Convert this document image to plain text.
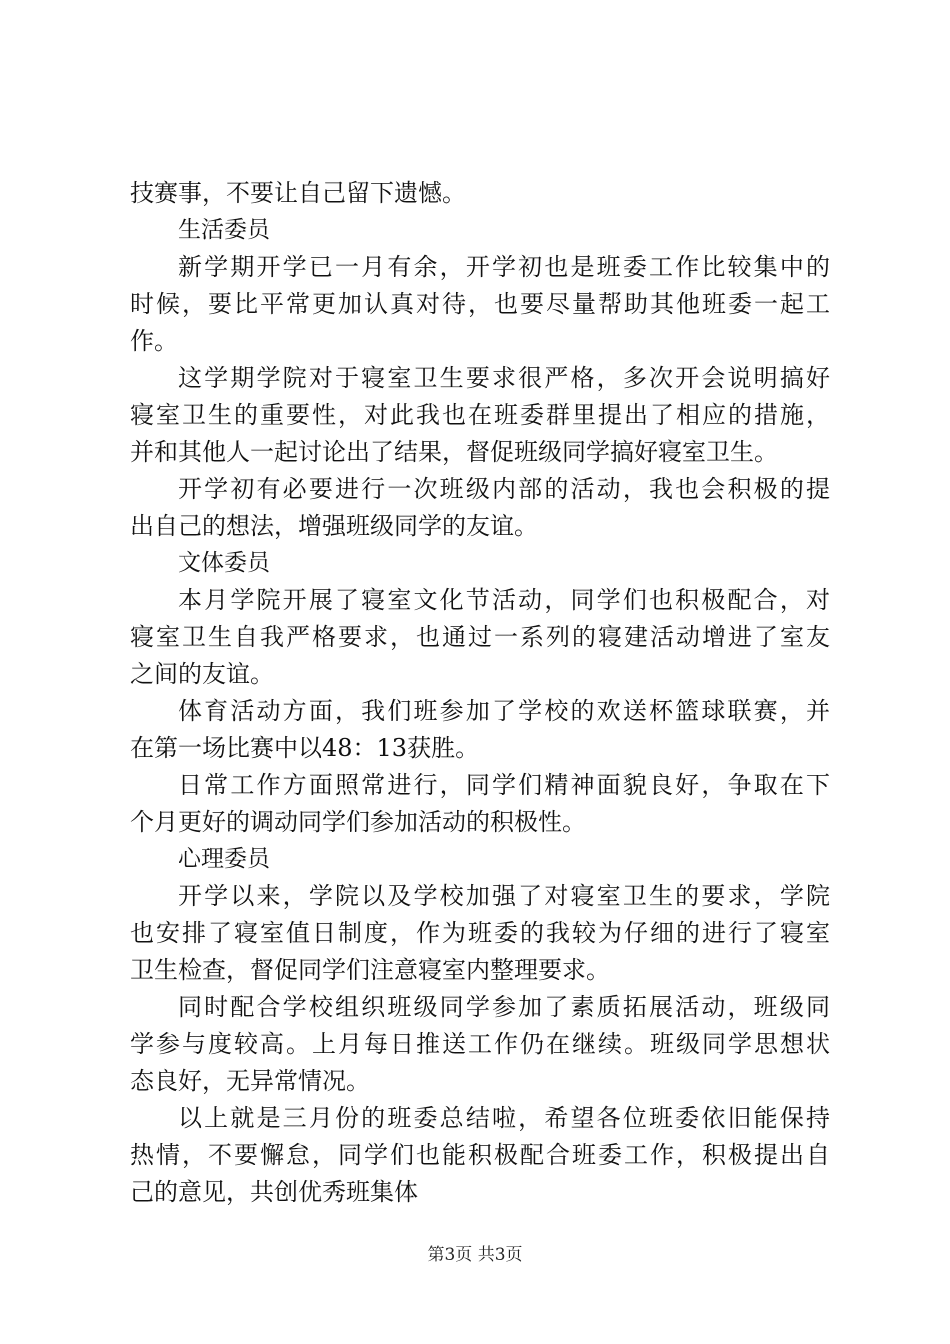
技赛事，不要让自己留下遗憾。
生活委员
新学期开学已一月有余，开学初也是班委工作比较集中的
时候，要比平常更加认真对待，也要尽量帮助其他班委一起工
作。
这学期学院对于寝室卫生要求很严格，多次开会说明搞好
寝室卫生的重要性，对此我也在班委群里提出了相应的措施，
并和其他人一起讨论出了结果，督促班级同学搞好寝室卫生。
开学初有必要进行一次班级内部的活动，我也会积极的提
出自己的想法，增强班级同学的友谊。
文体委员
本月学院开展了寝室文化节活动，同学们也积极配合，对
寝室卫生自我严格要求，也通过一系列的寝建活动增进了室友
之间的友谊。
体育活动方面，我们班参加了学校的欢送杯篮球联赛，并
在第一场比赛中以48：13获胜。
日常工作方面照常进行，同学们精神面貌良好，争取在下
个月更好的调动同学们参加活动的积极性。
心理委员
开学以来，学院以及学校加强了对寝室卫生的要求，学院
也安排了寝室值日制度，作为班委的我较为仔细的进行了寝室
卫生检查，督促同学们注意寝室内整理要求。
同时配合学校组织班级同学参加了素质拓展活动，班级同
学参与度较高。上月每日推送工作仍在继续。班级同学思想状
态良好，无异常情况。
以上就是三月份的班委总结啦，希望各位班委依旧能保持
热情，不要懈怠，同学们也能积极配合班委工作，积极提出自
己的意见，共创优秀班集体
第3页 共3页
